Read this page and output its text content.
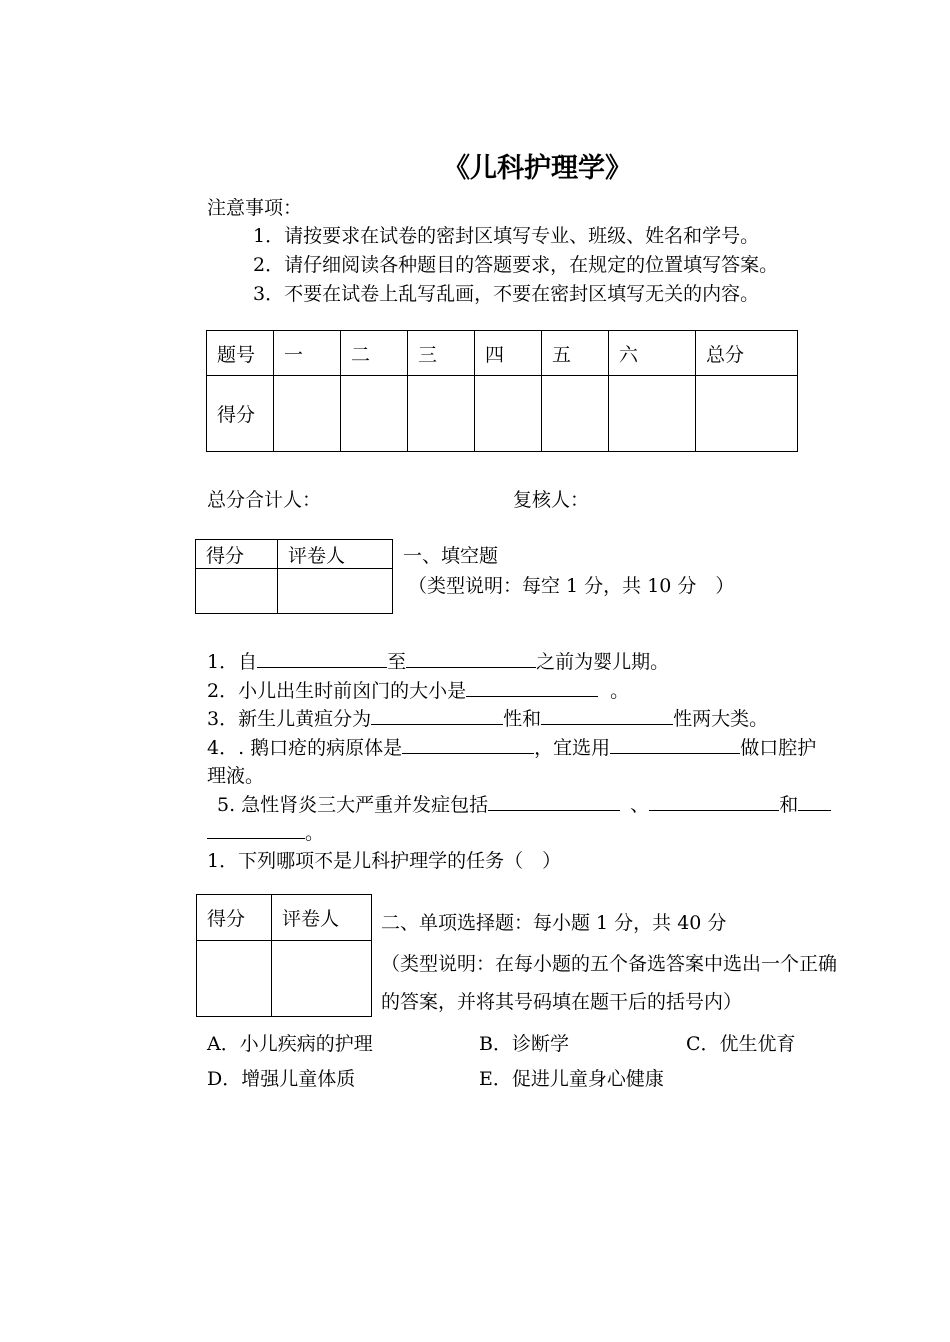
《儿科护理学》
注意事项：
1．请按要求在试卷的密封区填写专业、班级、姓名和学号。
2．请仔细阅读各种题目的答题要求，在规定的位置填写答案。
3．不要在试卷上乱写乱画，不要在密封区填写无关的内容。
题号	一	二	三	四	五	六	总分
得分							
总分合计人：	复核人：
得分	评卷人
		一、填空题
（类型说明：每空 1 分，共 10 分　）
1．自	至	之前为婴儿期。
2．小儿出生时前囟门的大小是	。
3．新生儿黄疸分为	性和	性两大类。
4．. 鹅口疮的病原体是	，宜选用	做口腔护
理液。
5. 急性肾炎三大严重并发症包括	、	和
。
1．下列哪项不是儿科护理学的任务（　）
得分	评卷人
	二、单项选择题：每小题 1 分，共 40 分
（类型说明：在每小题的五个备选答案中选出一个正确
的答案，并将其号码填在题干后的括号内）
A．小儿疾病的护理	B．诊断学	C．优生优育
D．增强儿童体质	E．促进儿童身心健康
